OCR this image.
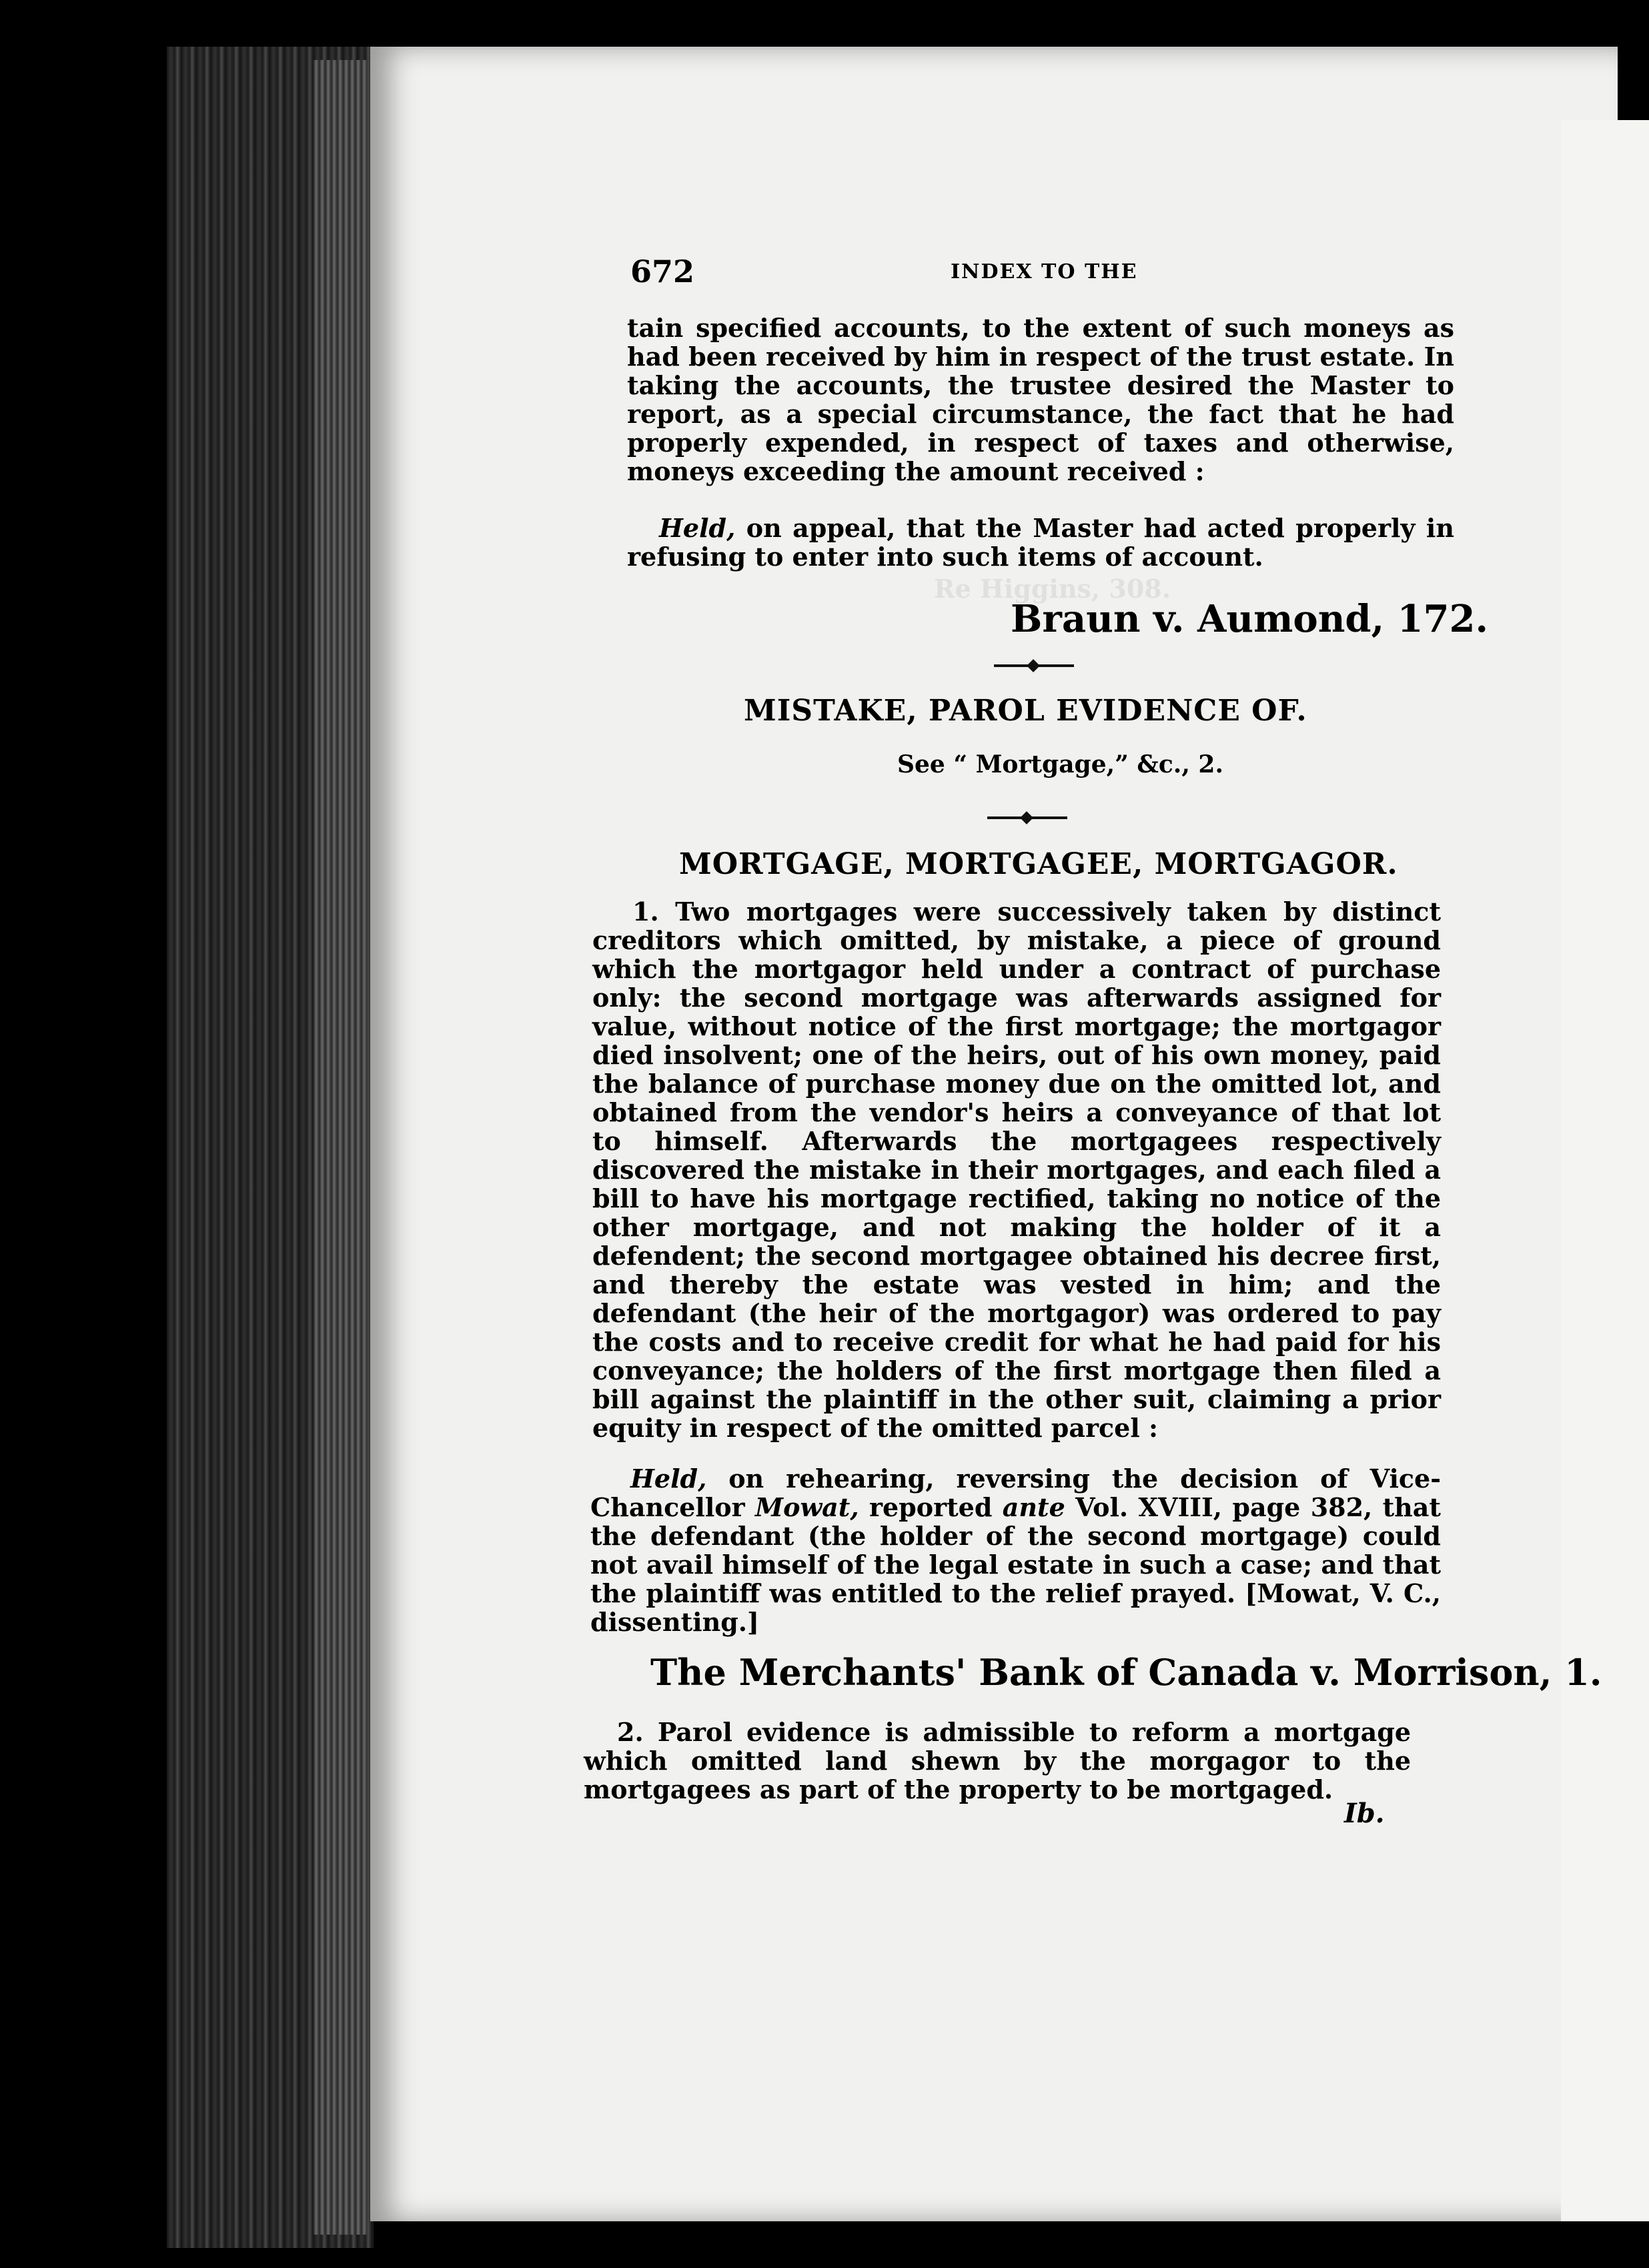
Re Higgins, 308.
672	INDEX TO THE

tain specified accounts, to the extent of such moneys as had been received by him in respect of the trust estate. In taking the accounts, the trustee desired the Master to report, as a special circumstance, the fact that he had properly expended, in respect of taxes and otherwise, moneys exceeding the amount received :

Held, on appeal, that the Master had acted properly in refusing to enter into such items of account.

Braun v. Aumond, 172.
MISTAKE, PAROL EVIDENCE OF.
See “ Mortgage,” &c., 2.
MORTGAGE, MORTGAGEE, MORTGAGOR.

1. Two mortgages were successively taken by distinct creditors which omitted, by mistake, a piece of ground which the mortgagor held under a contract of purchase only: the second mortgage was afterwards assigned for value, without notice of the first mortgage; the mortgagor died insolvent; one of the heirs, out of his own money, paid the balance of purchase money due on the omitted lot, and obtained from the vendor's heirs a conveyance of that lot to himself. Afterwards the mortgagees respectively discovered the mistake in their mortgages, and each filed a bill to have his mortgage rectified, taking no notice of the other mortgage, and not making the holder of it a defendent; the second mortgagee obtained his decree first, and thereby the estate was vested in him; and the defendant (the heir of the mortgagor) was ordered to pay the costs and to receive credit for what he had paid for his conveyance; the holders of the first mortgage then filed a bill against the plaintiff in the other suit, claiming a prior equity in respect of the omitted parcel :

Held, on rehearing, reversing the decision of Vice-Chancellor Mowat, reported ante Vol. XVIII, page 382, that the defendant (the holder of the second mortgage) could not avail himself of the legal estate in such a case; and that the plaintiff was entitled to the relief prayed. [Mowat, V. C., dissenting.]

The Merchants' Bank of Canada v. Morrison, 1.

2. Parol evidence is admissible to reform a mortgage which omitted land shewn by the morgagor to the mortgagees as part of the property to be mortgaged.

Ib.
